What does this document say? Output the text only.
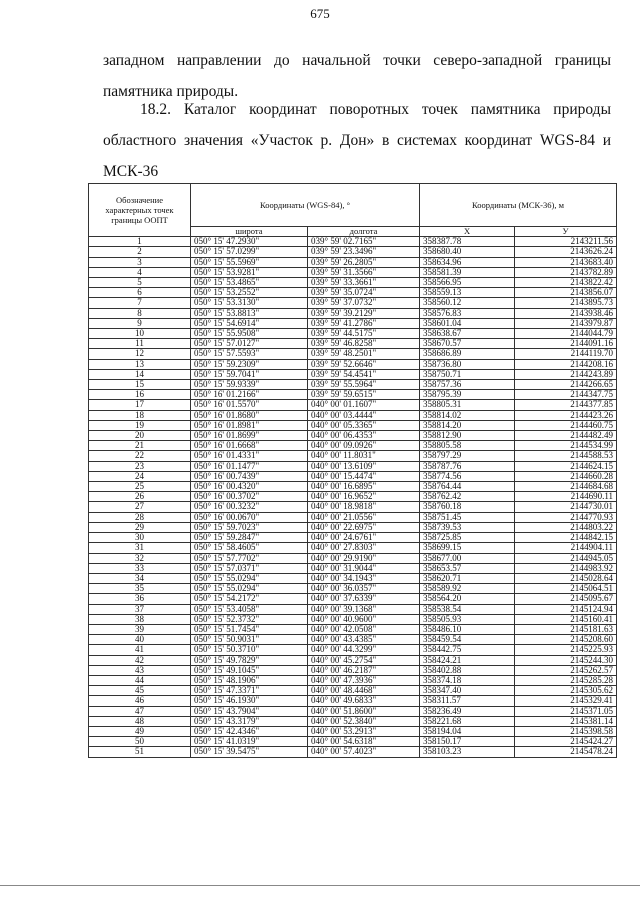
675
западном направлении до начальной точки северо-западной границы
памятника природы.
18.2. Каталог координат поворотных точек памятника природы
областного значения «Участок р. Дон» в системах координат WGS-84 и
МСК-36
Обозначение характерных точек границы ООПТ	Координаты (WGS-84), °		Координаты (МСК-36), м	
	широта	долгота	X	У
1	050° 15' 47.2930"	039° 59' 02.7165"	358387.78	2143211.56
2	050° 15' 57.0299"	039° 59' 23.3496"	358680.40	2143626.24
3	050° 15' 55.5969"	039° 59' 26.2805"	358634.96	2143683.40
4	050° 15' 53.9281"	039° 59' 31.3566"	358581.39	2143782.89
5	050° 15' 53.4865"	039° 59' 33.3661"	358566.95	2143822.42
6	050° 15' 53.2552"	039° 59' 35.0724"	358559.13	2143856.07
7	050° 15' 53.3130"	039° 59' 37.0732"	358560.12	2143895.73
8	050° 15' 53.8813"	039° 59' 39.2129"	358576.83	2143938.46
9	050° 15' 54.6914"	039° 59' 41.2786"	358601.04	2143979.87
10	050° 15' 55.9508"	039° 59' 44.5175"	358638.67	2144044.79
11	050° 15' 57.0127"	039° 59' 46.8258"	358670.57	2144091.16
12	050° 15' 57.5593"	039° 59' 48.2501"	358686.89	2144119.70
13	050° 15' 59.2309"	039° 59' 52.6646"	358736.80	2144208.16
14	050° 15' 59.7041"	039° 59' 54.4541"	358750.71	2144243.89
15	050° 15' 59.9339"	039° 59' 55.5964"	358757.36	2144266.65
16	050° 16' 01.2166"	039° 59' 59.6515"	358795.39	2144347.75
17	050° 16' 01.5570"	040° 00' 01.1607"	358805.31	2144377.85
18	050° 16' 01.8680"	040° 00' 03.4444"	358814.02	2144423.26
19	050° 16' 01.8981"	040° 00' 05.3365"	358814.20	2144460.75
20	050° 16' 01.8699"	040° 00' 06.4353"	358812.90	2144482.49
21	050° 16' 01.6668"	040° 00' 09.0926"	358805.58	2144534.99
22	050° 16' 01.4331"	040° 00' 11.8031"	358797.29	2144588.53
23	050° 16' 01.1477"	040° 00' 13.6109"	358787.76	2144624.15
24	050° 16' 00.7439"	040° 00' 15.4474"	358774.56	2144660.28
25	050° 16' 00.4320"	040° 00' 16.6895"	358764.44	2144684.68
26	050° 16' 00.3702"	040° 00' 16.9652"	358762.42	2144690.11
27	050° 16' 00.3232"	040° 00' 18.9818"	358760.18	2144730.01
28	050° 16' 00.0670"	040° 00' 21.0556"	358751.45	2144770.93
29	050° 15' 59.7023"	040° 00' 22.6975"	358739.53	2144803.22
30	050° 15' 59.2847"	040° 00' 24.6761"	358725.85	2144842.15
31	050° 15' 58.4605"	040° 00' 27.8303"	358699.15	2144904.11
32	050° 15' 57.7702"	040° 00' 29.9190"	358677.00	2144945.05
33	050° 15' 57.0371"	040° 00' 31.9044"	358653.57	2144983.92
34	050° 15' 55.0294"	040° 00' 34.1943"	358620.71	2145028.64
35	050° 15' 55.0294"	040° 00' 36.0357"	358589.92	2145064.51
36	050° 15' 54.2172"	040° 00' 37.6339"	358564.20	2145095.67
37	050° 15' 53.4058"	040° 00' 39.1368"	358538.54	2145124.94
38	050° 15' 52.3732"	040° 00' 40.9600"	358505.93	2145160.41
39	050° 15' 51.7454"	040° 00' 42.0508"	358486.10	2145181.63
40	050° 15' 50.9031"	040° 00' 43.4385"	358459.54	2145208.60
41	050° 15' 50.3710"	040° 00' 44.3299"	358442.75	2145225.93
42	050° 15' 49.7829"	040° 00' 45.2754"	358424.21	2145244.30
43	050° 15' 49.1045"	040° 00' 46.2187"	358402.88	2145262.57
44	050° 15' 48.1906"	040° 00' 47.3936"	358374.18	2145285.28
45	050° 15' 47.3371"	040° 00' 48.4468"	358347.40	2145305.62
46	050° 15' 46.1930"	040° 00' 49.6833"	358311.57	2145329.41
47	050° 15' 43.7904"	040° 00' 51.8600"	358236.49	2145371.05
48	050° 15' 43.3179"	040° 00' 52.3840"	358221.68	2145381.14
49	050° 15' 42.4346"	040° 00' 53.2913"	358194.04	2145398.58
50	050° 15' 41.0319"	040° 00' 54.6318"	358150.17	2145424.27
51	050° 15' 39.5475"	040° 00' 57.4023"	358103.23	2145478.24
